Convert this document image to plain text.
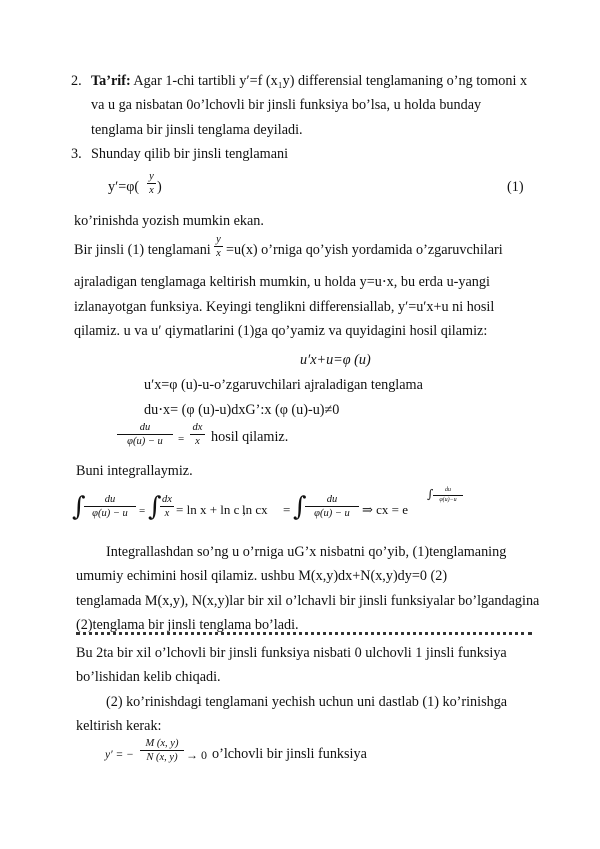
2. Ta’rif: Agar 1-chi tartibli y′=f (x₁y) differensial tenglamaning o’ng tomoni x
va u ga nisbatan 0o’lchovli bir jinsli funksiya bo’lsa, u holda bunday
tenglama bir jinsli tenglama deyiladi.
3. Shunday qilib bir jinsli tenglamani
y′=φ(
y
x )	(1)
ko’rinishda yozish mumkin ekan.
Bir jinsli (1) tenglamani
y
x =u(x) o’rniga qo’yish yordamida o’zgaruvchilari
ajraladigan tenglamaga keltirish mumkin, u holda y=u⋅x, bu erda u-yangi
izlanayotgan funksiya. Keyingi tenglikni differensiallab, y′=u′x+u ni hosil
qilamiz. u va u′ qiymatlarini (1)ga qo’yamiz va quyidagini hosil qilamiz:
u′x+u=φ (u)
u′x=φ (u)-u-o’zgaruvchilari ajraladigan tenglama
du⋅x= (φ (u)-u)dxG’:x (φ (u)-u)≠0
du
φ(u) − u	=
dx
x hosil qilamiz.
Buni integrallaymiz.
∫	du
φ(u) − u	= ∫ dx
x = ln x + ln c ,
ln cx = ∫	du
φ(u) − u ⇒ cx = e
∫	du
φ(u)−u
Integrallashdan so’ng u o’rniga uG’x nisbatni qo’yib, (1)tenglamaning
umumiy echimini hosil qilamiz. ushbu M(x,y)dx+N(x,y)dy=0 (2)
tenglamada M(x,y), N(x,y)lar bir xil o’lchavli bir jinsli funksiyalar bo’lgandagina
(2)tenglama bir jinsli tenglama bo’ladi.
Bu 2ta bir xil o’lchovli bir jinsli funksiya nisbati 0 ulchovli 1 jinsli funksiya
bo’lishidan kelib chiqadi.
(2) ko’rinishdagi tenglamani yechish uchun uni dastlab (1) ko’rinishga
keltirish kerak:
y′ = −
M (x, y)
N (x, y) → 0 o’lchovli bir jinsli funksiya
